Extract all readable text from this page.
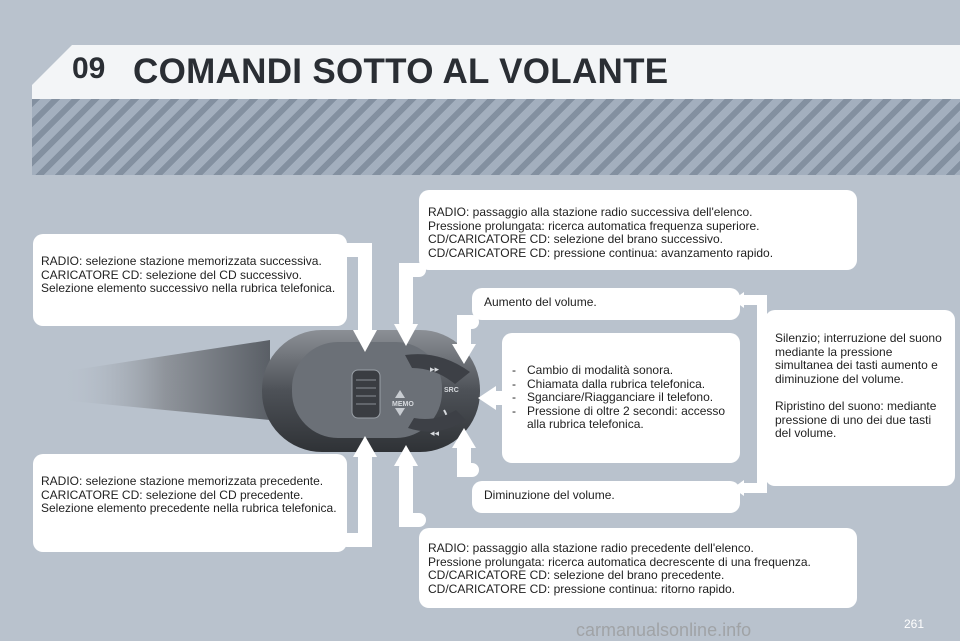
09 COMANDI SOTTO AL VOLANTE
MEMO
▸▸
SRC
◂◂

RADIO: selezione stazione memorizzata successiva.

CARICATORE CD: selezione del CD successivo.

Selezione elemento successivo nella rubrica telefonica.

RADIO: selezione stazione memorizzata precedente.

CARICATORE CD: selezione del CD precedente.

Selezione elemento precedente nella rubrica telefonica.

RADIO: passaggio alla stazione radio successiva dell'elenco.

Pressione prolungata: ricerca automatica frequenza superiore.

CD/CARICATORE CD: selezione del brano successivo.

CD/CARICATORE CD: pressione continua: avanzamento rapido.

RADIO: passaggio alla stazione radio precedente dell'elenco.

Pressione prolungata: ricerca automatica decrescente di una frequenza.

CD/CARICATORE CD: selezione del brano precedente.

CD/CARICATORE CD: pressione continua: ritorno rapido.

Aumento del volume.

Diminuzione del volume.

- Cambio di modalità sonora.
- Chiamata dalla rubrica telefonica.
- Sganciare/Riagganciare il telefono.
- Pressione di oltre 2 secondi: accesso alla rubrica telefonica.

Silenzio; interruzione del suono mediante la pressione simultanea dei tasti aumento e diminuzione del volume.

Ripristino del suono: mediante pressione di uno dei due tasti del volume.

261
carmanualsonline.info
